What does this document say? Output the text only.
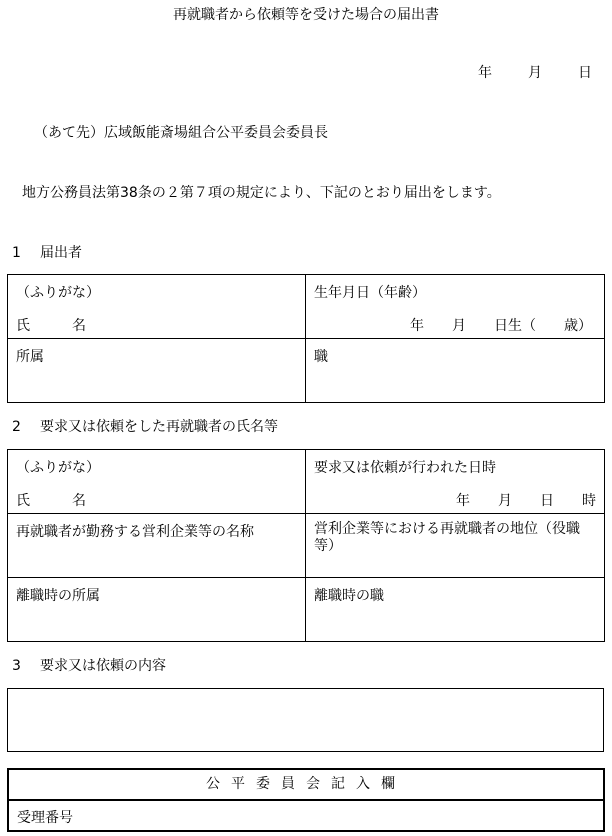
再就職者から依頼等を受けた場合の届出書
年	月	日
（あて先）広域飯能斎場組合公平委員会委員長
地方公務員法第38条の２第７項の規定により、下記のとおり届出をします。
1 届出者
（ふりがな）
氏　　　名	生年月日（年齢）
年　　月　　日生（　　歳）

所属	職
2 要求又は依頼をした再就職者の氏名等
（ふりがな）
氏　　　名	要求又は依頼が行われた日時
年　　月　　日　　時

再就職者が勤務する営利企業等の名称	営利企業等における再就職者の地位（役職等）

離職時の所属	離職時の職
3 要求又は依頼の内容
公平委員会記入欄
受理番号
